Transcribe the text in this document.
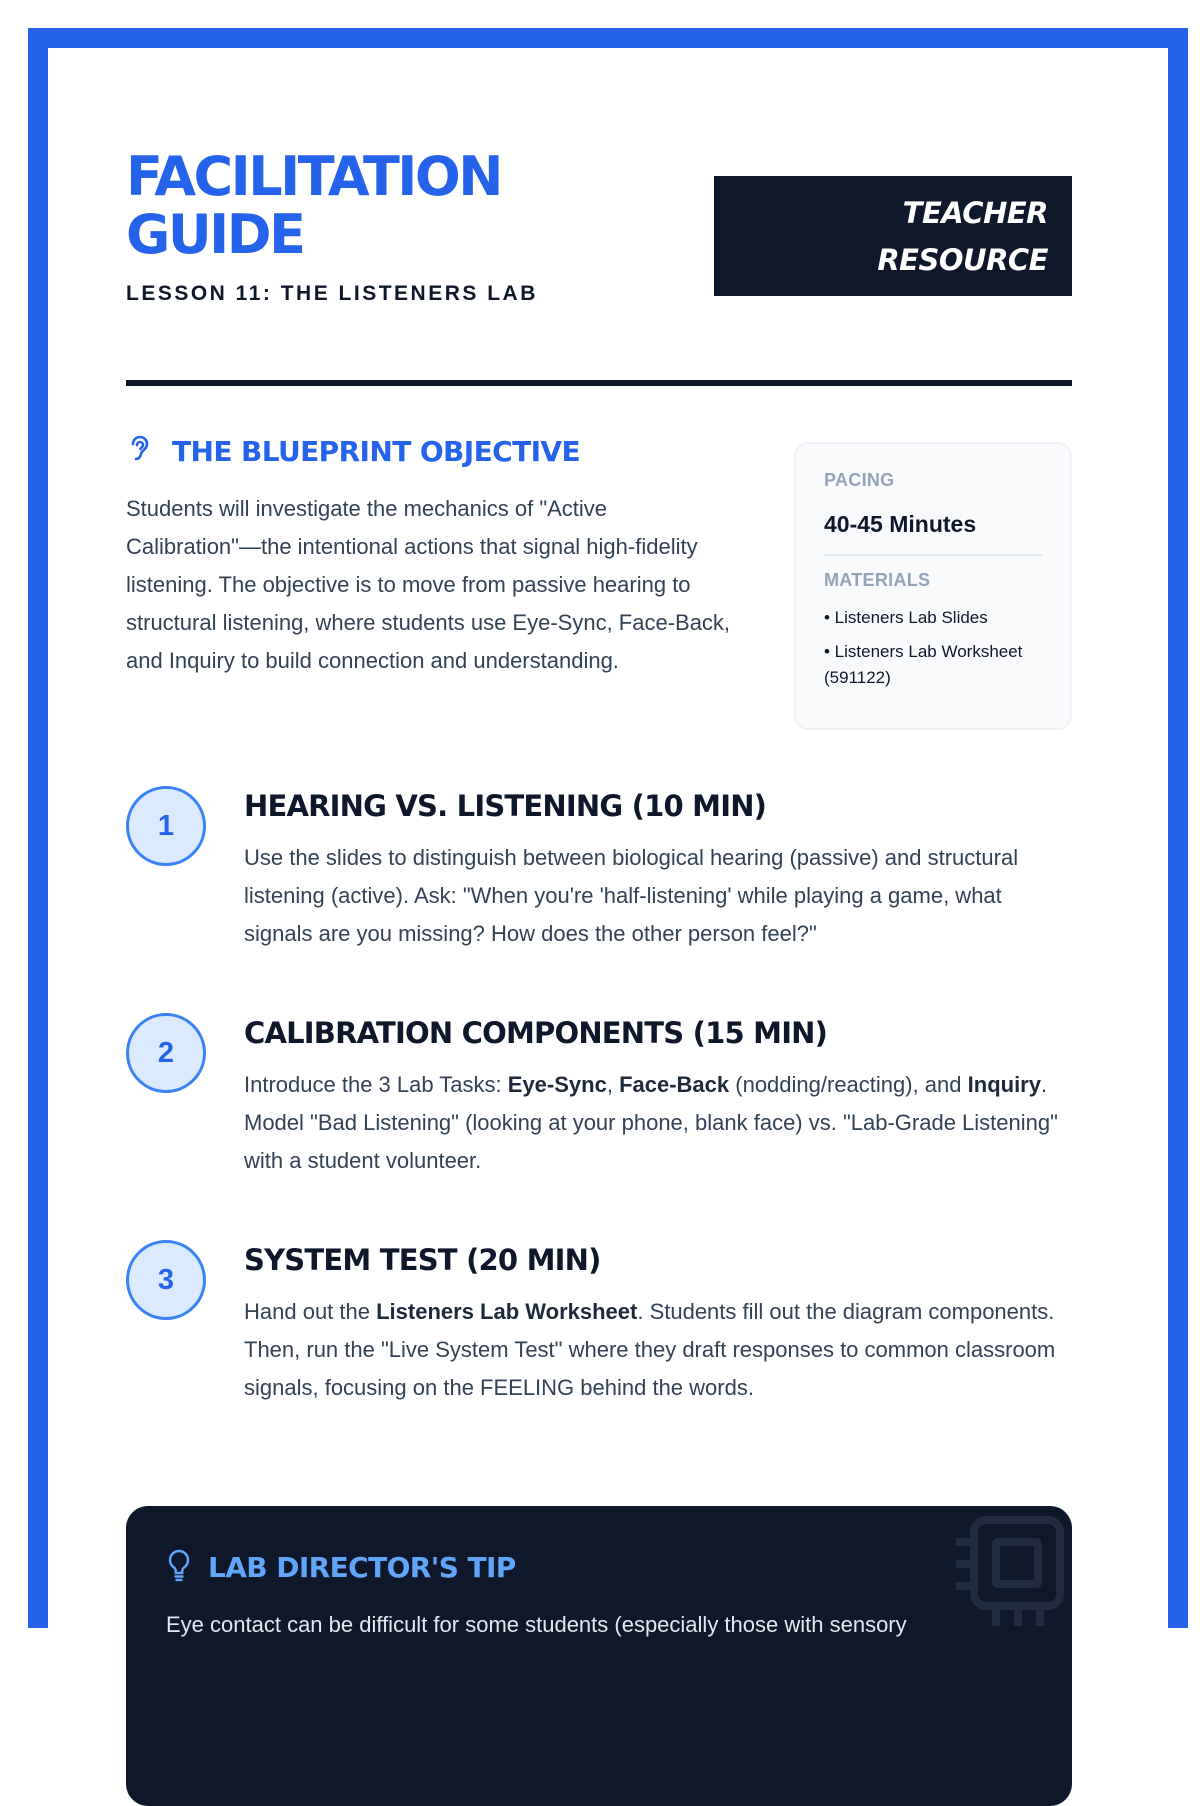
FACILITATION
GUIDE
LESSON 11: THE LISTENERS LAB
TEACHER
RESOURCE
THE BLUEPRINT OBJECTIVE

Students will investigate the mechanics of "Active Calibration"—the intentional actions that signal high-fidelity listening. The objective is to move from passive hearing to structural listening, where students use Eye-Sync, Face-Back, and Inquiry to build connection and understanding.

PACING
40-45 Minutes
MATERIALS
• Listeners Lab Slides
• Listeners Lab Worksheet (591122)
1
HEARING VS. LISTENING (10 MIN)

Use the slides to distinguish between biological hearing (passive) and structural listening (active). Ask: "When you're 'half-listening' while playing a game, what signals are you missing? How does the other person feel?"

2
CALIBRATION COMPONENTS (15 MIN)

Introduce the 3 Lab Tasks: Eye-Sync, Face-Back (nodding/reacting), and Inquiry. Model "Bad Listening" (looking at your phone, blank face) vs. "Lab-Grade Listening" with a student volunteer.

3
SYSTEM TEST (20 MIN)

Hand out the Listeners Lab Worksheet. Students fill out the diagram components. Then, run the "Live System Test" where they draft responses to common classroom signals, focusing on the FEELING behind the words.

LAB DIRECTOR'S TIP

Eye contact can be difficult for some students (especially those with sensory
